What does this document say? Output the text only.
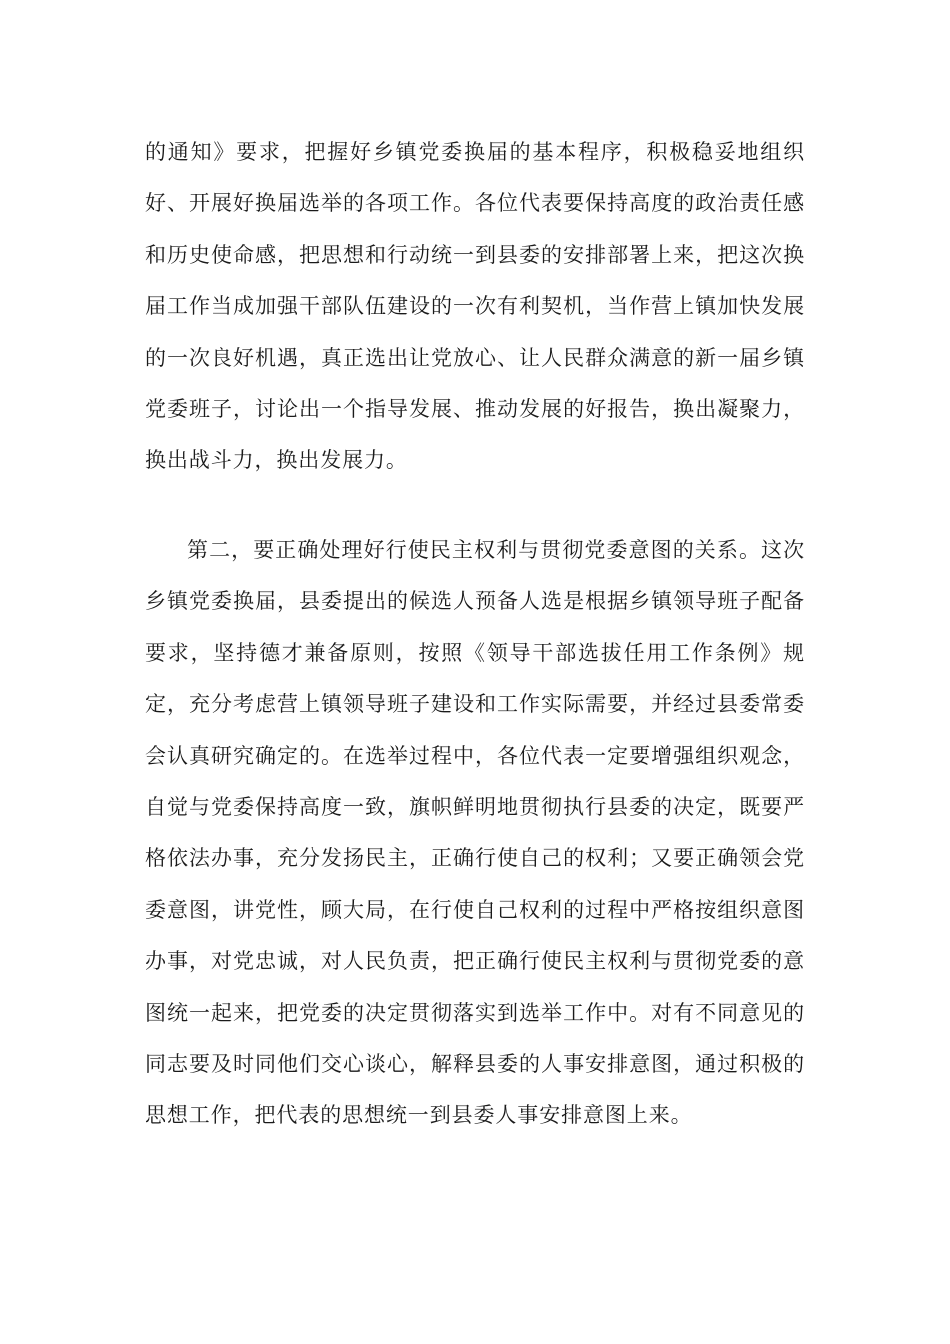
的通知》要求，把握好乡镇党委换届的基本程序，积极稳妥地组织好、开展好换届选举的各项工作。各位代表要保持高度的政治责任感和历史使命感，把思想和行动统一到县委的安排部署上来，把这次换届工作当成加强干部队伍建设的一次有利契机，当作营上镇加快发展的一次良好机遇，真正选出让党放心、让人民群众满意的新一届乡镇党委班子，讨论出一个指导发展、推动发展的好报告，换出凝聚力，换出战斗力，换出发展力。

第二，要正确处理好行使民主权利与贯彻党委意图的关系。这次乡镇党委换届，县委提出的候选人预备人选是根据乡镇领导班子配备要求，坚持德才兼备原则，按照《领导干部选拔任用工作条例》规定，充分考虑营上镇领导班子建设和工作实际需要，并经过县委常委会认真研究确定的。在选举过程中，各位代表一定要增强组织观念，自觉与党委保持高度一致，旗帜鲜明地贯彻执行县委的决定，既要严格依法办事，充分发扬民主，正确行使自己的权利；又要正确领会党委意图，讲党性，顾大局，在行使自己权利的过程中严格按组织意图办事，对党忠诚，对人民负责，把正确行使民主权利与贯彻党委的意图统一起来，把党委的决定贯彻落实到选举工作中。对有不同意见的同志要及时同他们交心谈心，解释县委的人事安排意图，通过积极的思想工作，把代表的思想统一到县委人事安排意图上来。
